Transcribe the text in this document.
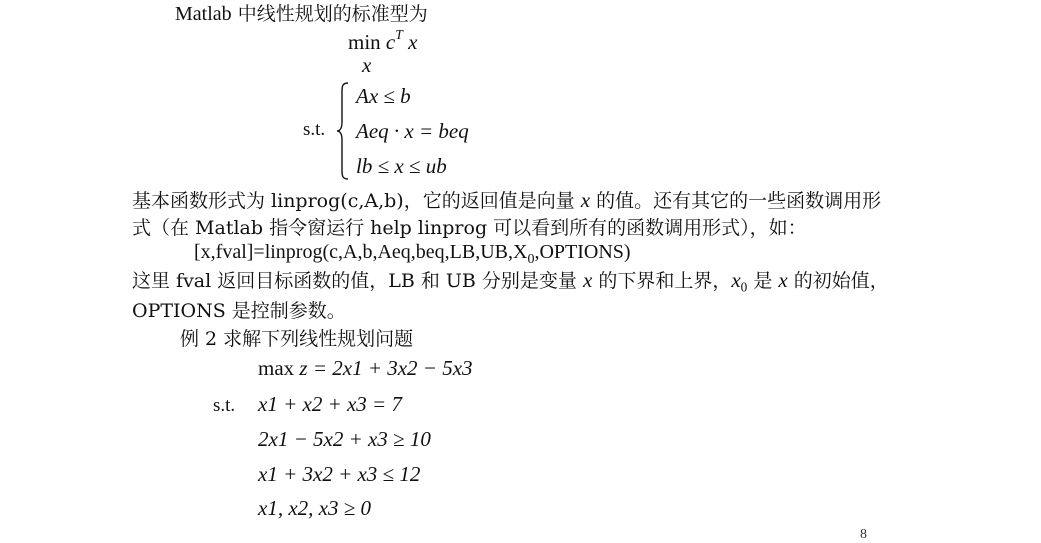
Matlab 中线性规划的标准型为
$\min c^T$ x
x
s.t.
Ax ≤ b
Aeq · x = beq
lb ≤ x ≤ ub
基本函数形式为 linprog(c,A,b)，它的返回值是向量 x 的值。还有其它的一些函数调用形
式（在 Matlab 指令窗运行 help linprog 可以看到所有的函数调用形式），如：
$[x,fval]=linprog(c,A,b,Aeq,beq,LB,UB,X_0,OPTIONS)$
这里 fval 返回目标函数的值，LB 和 UB 分别是变量 x 的下界和上界，$x_0$ 是 x 的初始值，
OPTIONS 是控制参数。
例 2 求解下列线性规划问题
max z = 2x1 + 3x2 − 5x3
s.t. x1 + x2 + x3 = 7
2x1 − 5x2 + x3 ≥ 10
x1 + 3x2 + x3 ≤ 12
x1, x2, x3 ≥ 0
8
